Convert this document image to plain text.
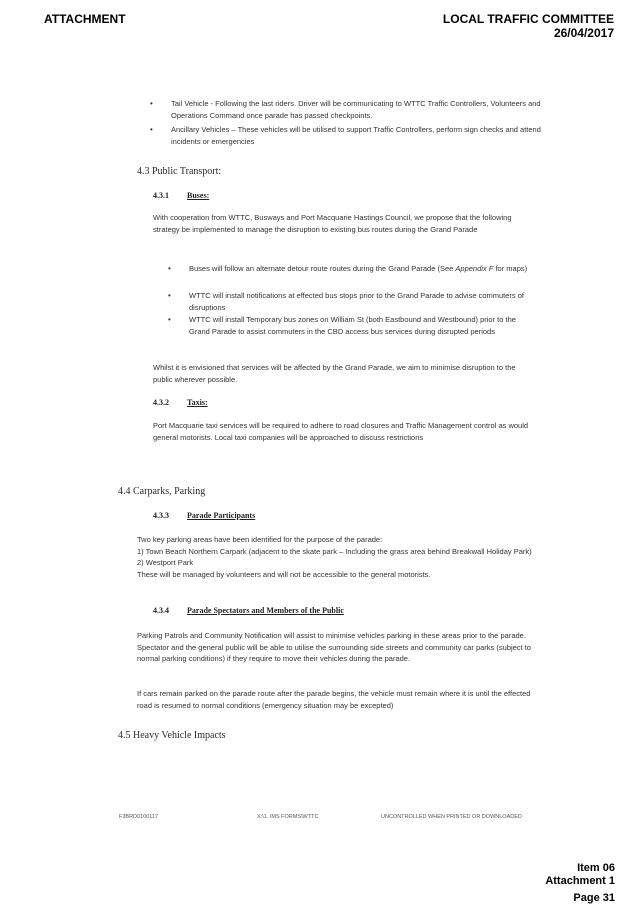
ATTACHMENT	LOCAL TRAFFIC COMMITTEE
26/04/2017
• Tail Vehicle - Following the last riders. Driver will be communicating to WTTC Traffic Controllers, Volunteers and Operations Command once parade has passed checkpoints.
• Ancillary Vehicles – These vehicles will be utilised to support Traffic Controllers, perform sign checks and attend incidents or emergencies
4.3 Public Transport:
4.3.1 Buses:
With cooperation from WTTC, Busways and Port Macquarie Hastings Council, we propose that the following strategy be implemented to manage the disruption to existing bus routes during the Grand Parade
• Buses will follow an alternate detour route routes during the Grand Parade (See Appendix F for maps)
• WTTC will install notifications at effected bus stops prior to the Grand Parade to advise commuters of disruptions
• WTTC will install Temporary bus zones on William St (both Eastbound and Westbound) prior to the Grand Parade to assist commuters in the CBD access bus services during disrupted periods
Whilst it is envisioned that services will be affected by the Grand Parade, we aim to minimise disruption to the public wherever possible.
4.3.2 Taxis:
Port Macquarie taxi services will be required to adhere to road closures and Traffic Management control as would general motorists. Local taxi companies will be approached to discuss restrictions
4.4 Carparks, Parking
4.3.3 Parade Participants
Two key parking areas have been identified for the purpose of the parade:
1) Town Beach Northern Carpark (adjacent to the skate park – Including the grass area behind Breakwall Holiday Park)
2) Westport Park
These will be managed by volunteers and will not be accessible to the general motorists.
4.3.4 Parade Spectators and Members of the Public
Parking Patrols and Community Notification will assist to minimise vehicles parking in these areas prior to the parade. Spectator and the general public will be able to utilise the surrounding side streets and community car parks (subject to normal parking conditions) if they require to move their vehicles during the parade.
If cars remain parked on the parade route after the parade begins, the vehicle must remain where it is until the effected road is resumed to normal conditions (emergency situation may be excepted)
4.5 Heavy Vehicle Impacts
F3BRD0100117	X:\1. IMS FORMS\WTTC	UNCONTROLLED WHEN PRINTED OR DOWNLOADED
Item 06
Attachment 1
Page 31
